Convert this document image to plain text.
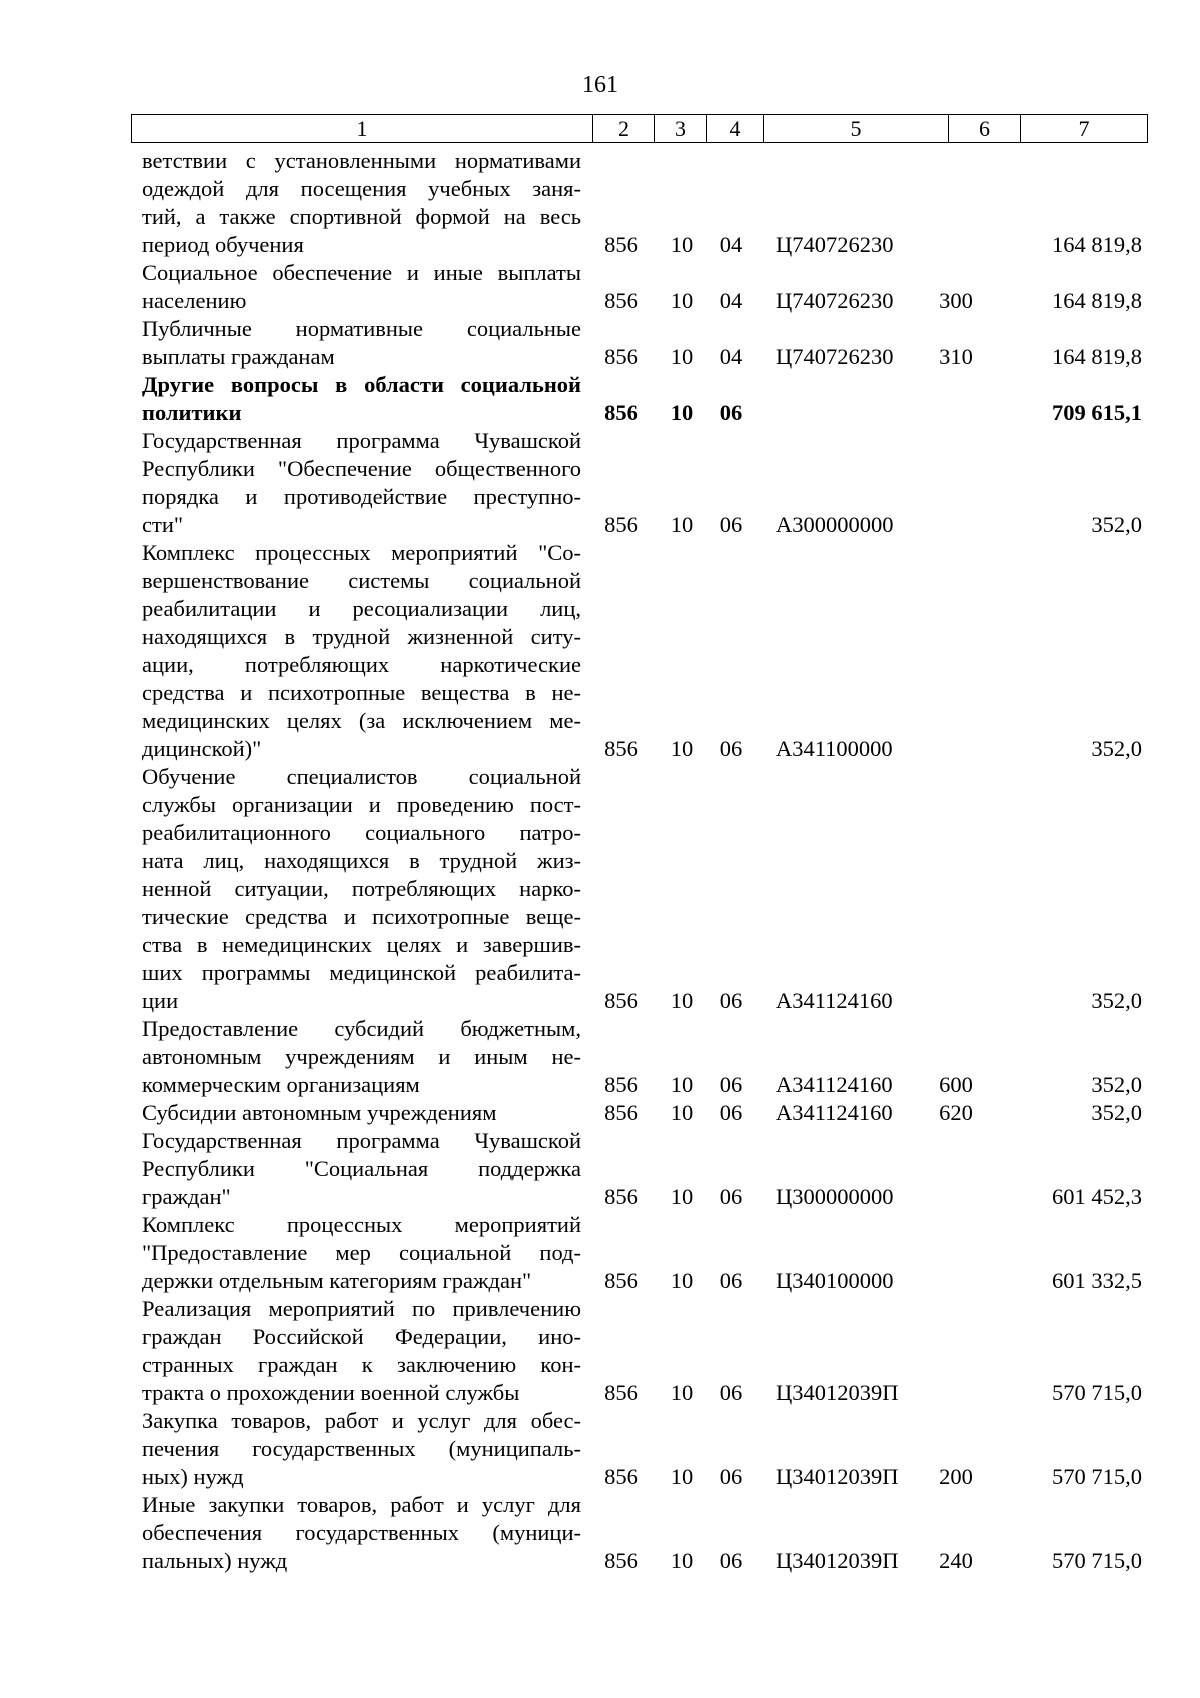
161
1	2	3	4	5	6	7
ветствии с установленными нормативами
одеждой для посещения учебных заня-
тий, а также спортивной формой на весь
период обучения	856 10 04 Ц740726230	164 819,8
Социальное обеспечение и иные выплаты
населению	856 10 04 Ц740726230 300	164 819,8
Публичные нормативные социальные
выплаты гражданам	856 10 04 Ц740726230 310	164 819,8
Другие вопросы в области социальной
политики	856 10 06	709 615,1
Государственная программа Чувашской
Республики "Обеспечение общественного
порядка и противодействие преступно-
сти"	856 10 06 А300000000	352,0
Комплекс процессных мероприятий "Со-
вершенствование системы социальной
реабилитации и ресоциализации лиц,
находящихся в трудной жизненной ситу-
ации, потребляющих наркотические
средства и психотропные вещества в не-
медицинских целях (за исключением ме-
дицинской)"	856 10 06 А341100000	352,0
Обучение специалистов социальной
службы организации и проведению пост-
реабилитационного социального патро-
ната лиц, находящихся в трудной жиз-
ненной ситуации, потребляющих нарко-
тические средства и психотропные веще-
ства в немедицинских целях и завершив-
ших программы медицинской реабилита-
ции	856 10 06 А341124160	352,0
Предоставление субсидий бюджетным,
автономным учреждениям и иным не-
коммерческим организациям	856 10 06 А341124160 600	352,0
Субсидии автономным учреждениям	856 10 06 А341124160 620	352,0
Государственная программа Чувашской
Республики "Социальная поддержка
граждан"	856 10 06 Ц300000000	601 452,3
Комплекс процессных мероприятий
"Предоставление мер социальной под-
держки отдельным категориям граждан"	856 10 06 Ц340100000	601 332,5
Реализация мероприятий по привлечению
граждан Российской Федерации, ино-
странных граждан к заключению кон-
тракта о прохождении военной службы	856 10 06 Ц34012039П	570 715,0
Закупка товаров, работ и услуг для обес-
печения государственных (муниципаль-
ных) нужд	856 10 06 Ц34012039П 200	570 715,0
Иные закупки товаров, работ и услуг для
обеспечения государственных (муници-
пальных) нужд	856 10 06 Ц34012039П 240	570 715,0
